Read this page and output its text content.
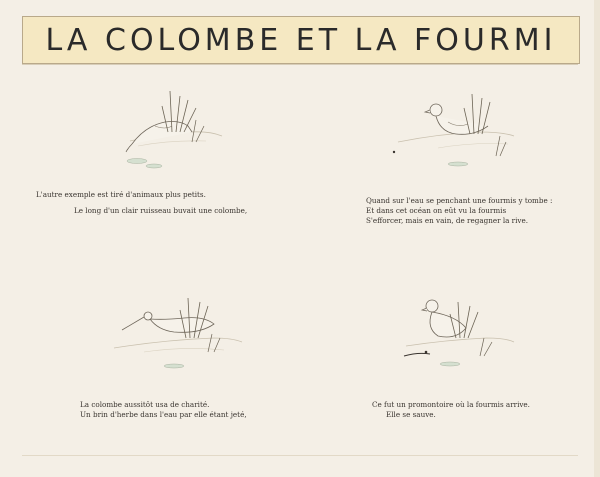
LA COLOMBE ET LA FOURMI
L'autre exemple est tiré d'animaux plus petits.
Le long d'un clair ruisseau buvait une colombe,
Quand sur l'eau se penchant une fourmis y tombe :
Et dans cet océan on eût vu la fourmis
S'efforcer, mais en vain, de regagner la rive.
La colombe aussitôt usa de charité.
Un brin d'herbe dans l'eau par elle étant jeté,
Ce fut un promontoire où la fourmis arrive.
Elle se sauve.
